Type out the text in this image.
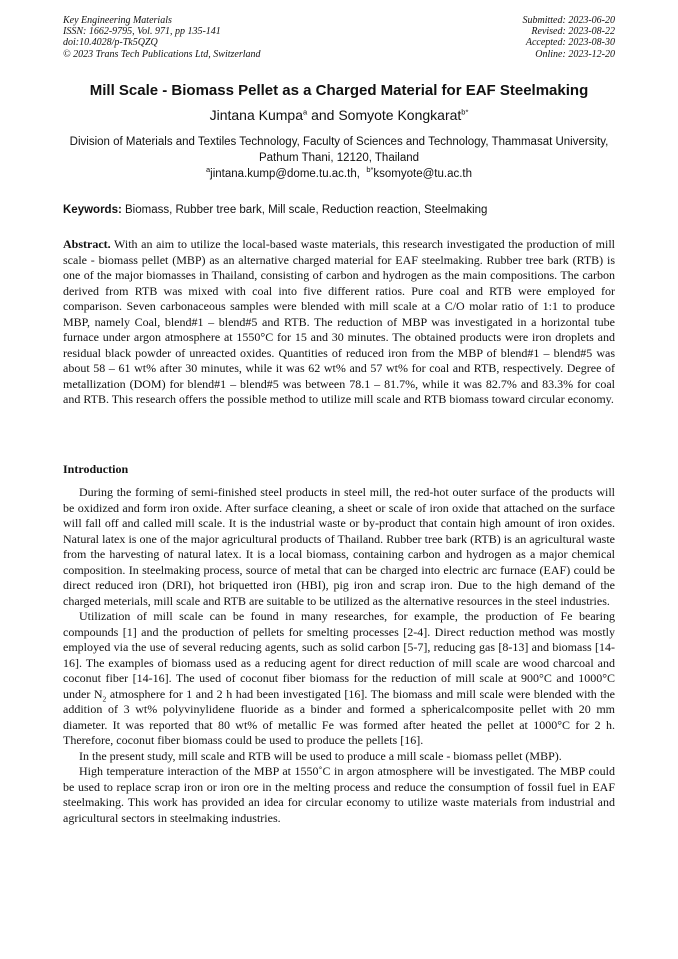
Key Engineering Materials
ISSN: 1662-9795, Vol. 971, pp 135-141
doi:10.4028/p-Tk5QZQ
© 2023 Trans Tech Publications Ltd, Switzerland
Submitted: 2023-06-20
Revised: 2023-08-22
Accepted: 2023-08-30
Online: 2023-12-20
Mill Scale - Biomass Pellet as a Charged Material for EAF Steelmaking
Jintana Kumpa$^a$ and Somyote Kongkarat$^{b*}$
Division of Materials and Textiles Technology, Faculty of Sciences and Technology, Thammasat University, Pathum Thani, 12120, Thailand
$^a$jintana.kump@dome.tu.ac.th, $^{b*}$ksomyote@tu.ac.th
Keywords: Biomass, Rubber tree bark, Mill scale, Reduction reaction, Steelmaking
Abstract. With an aim to utilize the local-based waste materials, this research investigated the production of mill scale - biomass pellet (MBP) as an alternative charged material for EAF steelmaking. Rubber tree bark (RTB) is one of the major biomasses in Thailand, consisting of carbon and hydrogen as the main compositions. The carbon derived from RTB was mixed with coal into five different ratios. Pure coal and RTB were employed for comparison. Seven carbonaceous samples were blended with mill scale at a C/O molar ratio of 1:1 to produce MBP, namely Coal, blend#1 – blend#5 and RTB. The reduction of MBP was investigated in a horizontal tube furnace under argon atmosphere at 1550°C for 15 and 30 minutes. The obtained products were iron droplets and residual black powder of unreacted oxides. Quantities of reduced iron from the MBP of blend#1 – blend#5 was about 58 – 61 wt% after 30 minutes, while it was 62 wt% and 57 wt% for coal and RTB, respectively. Degree of metallization (DOM) for blend#1 – blend#5 was between 78.1 – 81.7%, while it was 82.7% and 83.3% for coal and RTB. This research offers the possible method to utilize mill scale and RTB biomass toward circular economy.
Introduction

During the forming of semi-finished steel products in steel mill, the red-hot outer surface of the products will be oxidized and form iron oxide. After surface cleaning, a sheet or scale of iron oxide that attached on the surface will fall off and called mill scale. It is the industrial waste or by-product that contain high amount of iron oxides. Natural latex is one of the major agricultural products of Thailand. Rubber tree bark (RTB) is an agricultural waste from the harvesting of natural latex. It is a local biomass, containing carbon and hydrogen as a major chemical composition. In steelmaking process, source of metal that can be charged into electric arc furnace (EAF) could be direct reduced iron (DRI), hot briquetted iron (HBI), pig iron and scrap iron. Due to the high demand of the charged meterials, mill scale and RTB are suitable to be utilized as the alternative resources in the steel industries.

Utilization of mill scale can be found in many researches, for example, the production of Fe bearing compounds [1] and the production of pellets for smelting processes [2-4]. Direct reduction method was mostly employed via the use of several reducing agents, such as solid carbon [5-7], reducing gas [8-13] and biomass [14-16]. The examples of biomass used as a reducing agent for direct reduction of mill scale are wood charcoal and coconut fiber [14-16]. The used of coconut fiber biomass for the reduction of mill scale at 900°C and 1000°C under $N_2$ atmosphere for 1 and 2 h had been investigated [16]. The biomass and mill scale were blended with the addition of 3 wt% polyvinylidene fluoride as a binder and formed a sphericalcomposite pellet with 20 mm diameter. It was reported that 80 wt% of metallic Fe was formed after heated the pellet at 1000°C for 2 h. Therefore, coconut fiber biomass could be used to produce the pellets [16].

In the present study, mill scale and RTB will be used to produce a mill scale - biomass pellet (MBP).

High temperature interaction of the MBP at 1550˚C in argon atmosphere will be investigated. The MBP could be used to replace scrap iron or iron ore in the melting process and reduce the consumption of fossil fuel in EAF steelmaking. This work has provided an idea for circular economy to utilize waste materials from industrial and agricultural sectors in steelmaking industries.
